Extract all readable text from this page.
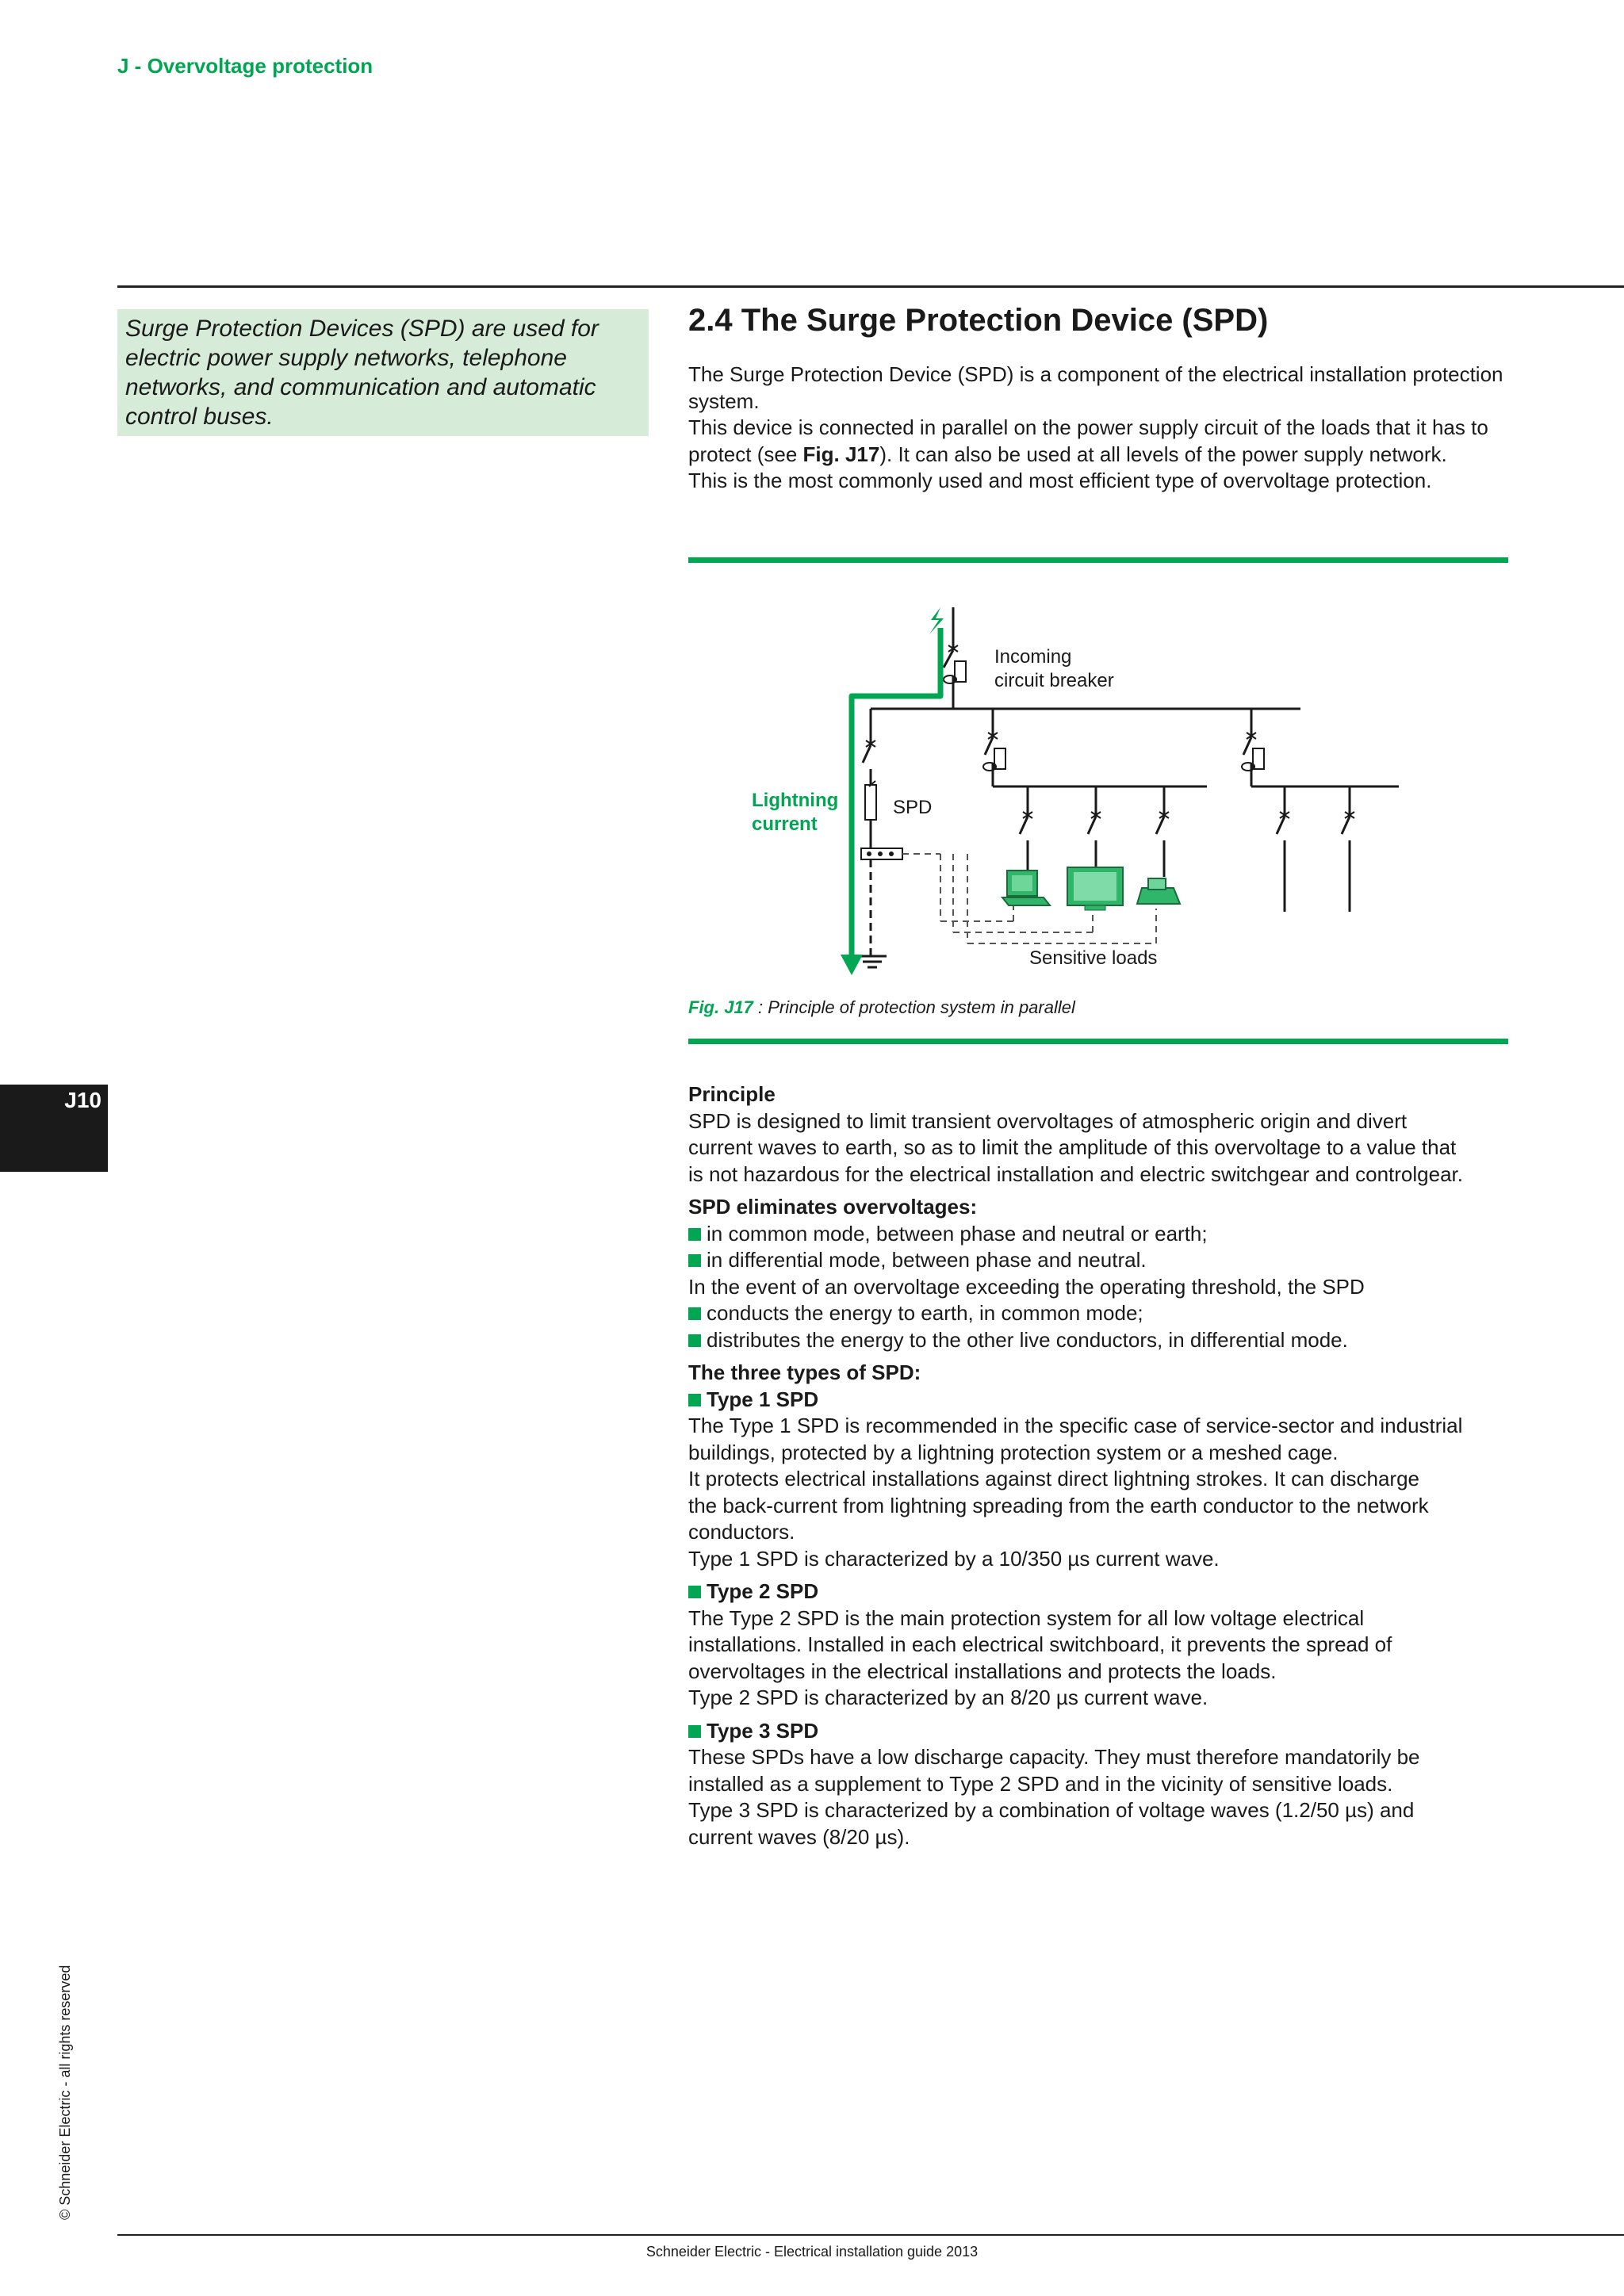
J - Overvoltage protection
Surge Protection Devices (SPD) are used for electric power supply networks, telephone networks, and communication and automatic control buses.
2.4 The Surge Protection Device (SPD)

The Surge Protection Device (SPD) is a component of the electrical installation protection system.

This device is connected in parallel on the power supply circuit of the loads that it has to protect (see Fig. J17). It can also be used at all levels of the power supply network.

This is the most commonly used and most efficient type of overvoltage protection.

Incoming
circuit breaker
Lightning
current
SPD
Sensitive loads
Fig. J17 : Principle of protection system in parallel
Principle
SPD is designed to limit transient overvoltages of atmospheric origin and divert
current waves to earth, so as to limit the amplitude of this overvoltage to a value that
is not hazardous for the electrical installation and electric switchgear and controlgear.
SPD eliminates overvoltages:
in common mode, between phase and neutral or earth;
in differential mode, between phase and neutral.
In the event of an overvoltage exceeding the operating threshold, the SPD
conducts the energy to earth, in common mode;
distributes the energy to the other live conductors, in differential mode.
The three types of SPD:
Type 1 SPD
The Type 1 SPD is recommended in the specific case of service-sector and industrial
buildings, protected by a lightning protection system or a meshed cage.
It protects electrical installations against direct lightning strokes. It can discharge
the back-current from lightning spreading from the earth conductor to the network
conductors.
Type 1 SPD is characterized by a 10/350 µs current wave.
Type 2 SPD
The Type 2 SPD is the main protection system for all low voltage electrical
installations. Installed in each electrical switchboard, it prevents the spread of
overvoltages in the electrical installations and protects the loads.
Type 2 SPD is characterized by an 8/20 µs current wave.
Type 3 SPD
These SPDs have a low discharge capacity. They must therefore mandatorily be
installed as a supplement to Type 2 SPD and in the vicinity of sensitive loads.
Type 3 SPD is characterized by a combination of voltage waves (1.2/50 µs) and
current waves (8/20 µs).
J10
© Schneider Electric - all rights reserved
Schneider Electric - Electrical installation guide 2013
